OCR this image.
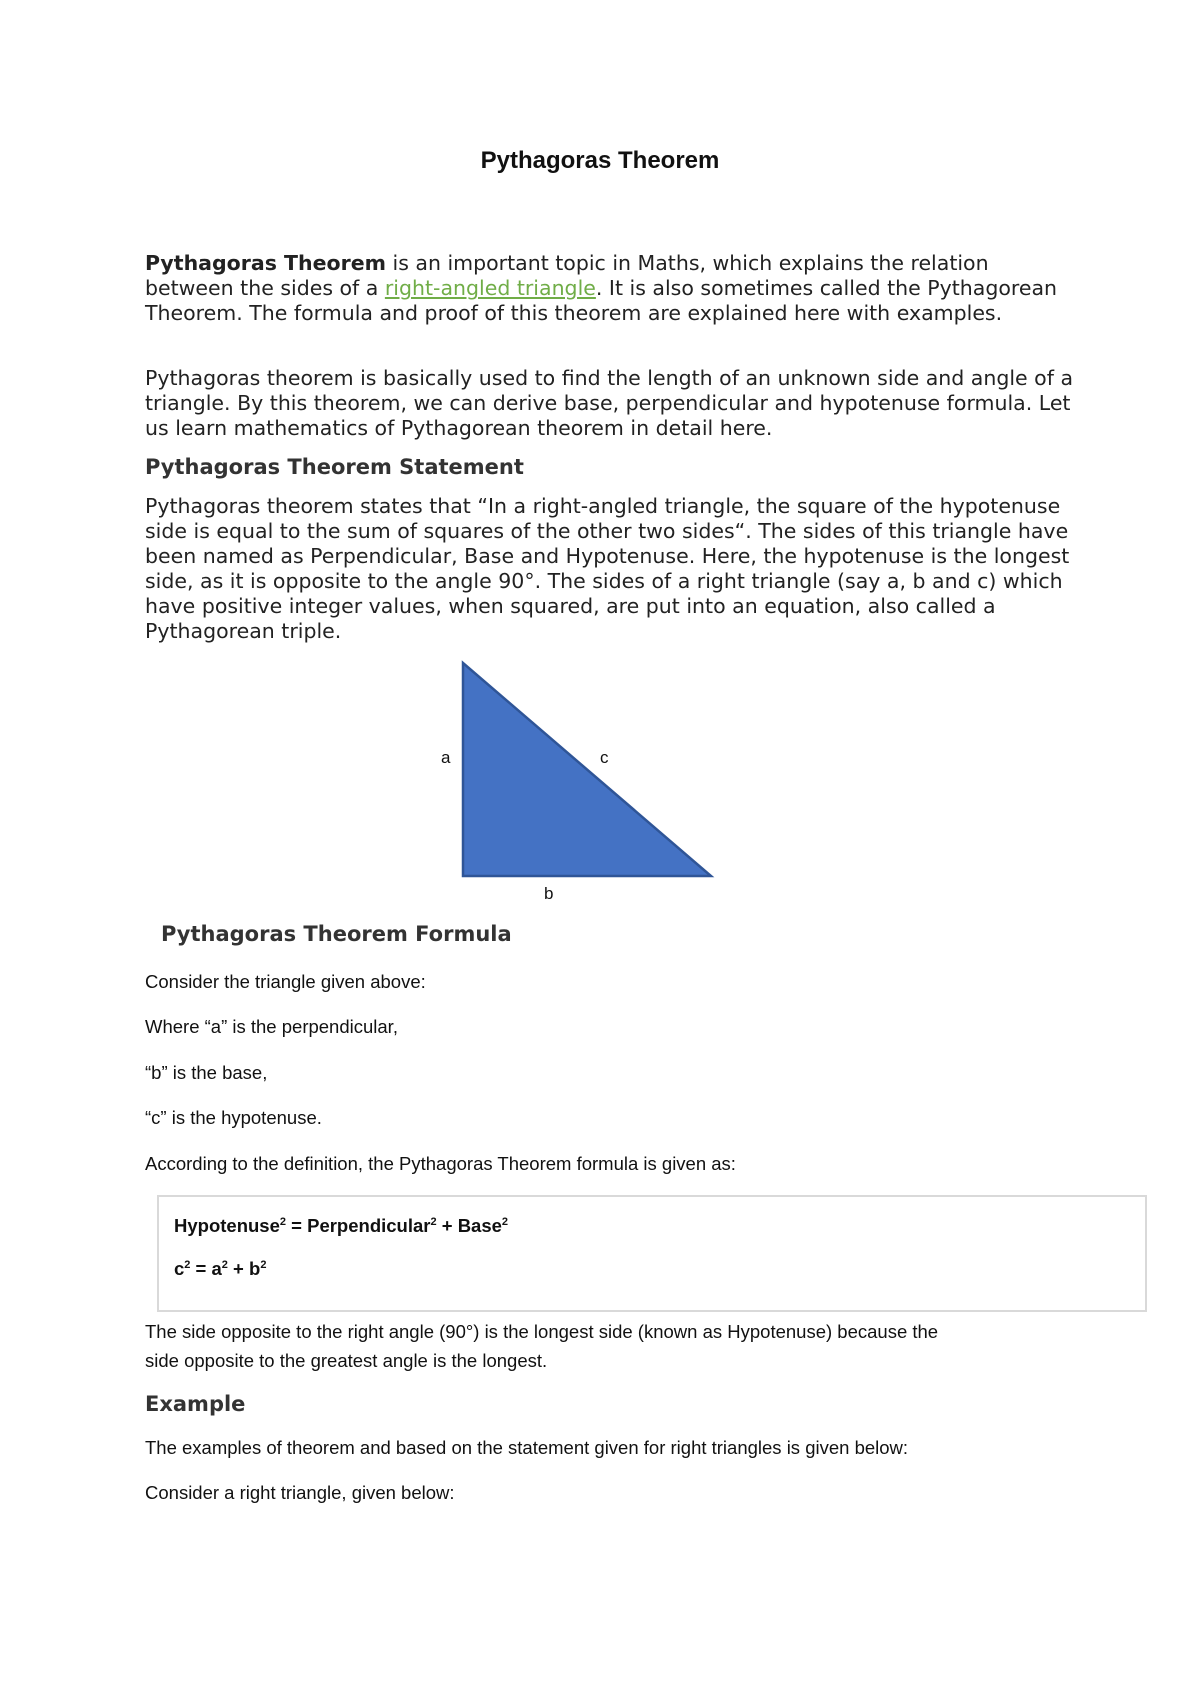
Pythagoras Theorem

Pythagoras Theorem is an important topic in Maths, which explains the relation between the sides of a right-angled triangle. It is also sometimes called the Pythagorean Theorem. The formula and proof of this theorem are explained here with examples.

Pythagoras theorem is basically used to find the length of an unknown side and angle of a triangle. By this theorem, we can derive base, perpendicular and hypotenuse formula. Let us learn mathematics of Pythagorean theorem in detail here.

Pythagoras Theorem Statement

Pythagoras theorem states that “In a right-angled triangle, the square of the hypotenuse side is equal to the sum of squares of the other two sides“. The sides of this triangle have been named as Perpendicular, Base and Hypotenuse. Here, the hypotenuse is the longest side, as it is opposite to the angle 90°. The sides of a right triangle (say a, b and c) which have positive integer values, when squared, are put into an equation, also called a Pythagorean triple.

a	c
b
Pythagoras Theorem Formula

Consider the triangle given above:

Where “a” is the perpendicular,

“b” is the base,

“c” is the hypotenuse.

According to the definition, the Pythagoras Theorem formula is given as:

Hypotenuse$^2$ = Perpendicular$^2$ + Base$^2$
$c^2 = a^2 + b^2$

The side opposite to the right angle (90°) is the longest side (known as Hypotenuse) because the

side opposite to the greatest angle is the longest.

Example

The examples of theorem and based on the statement given for right triangles is given below:

Consider a right triangle, given below:
